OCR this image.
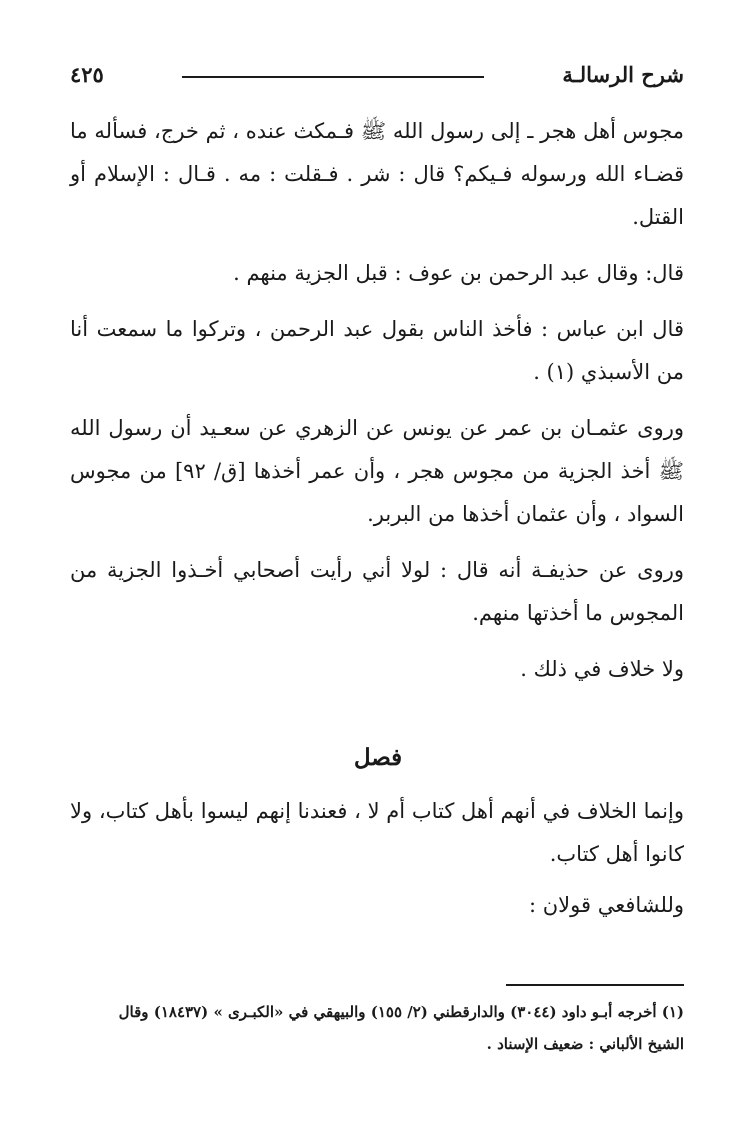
شرح الرسالـة
٤٢٥

مجوس أهل هجر ـ إلى رسول الله ﷺ فـمكث عنده ، ثم خرج، فسأله ما قضـاء الله ورسوله فـيكم؟ قال : شر . فـقلت : مه . قـال : الإسلام أو القتل.

قال: وقال عبد الرحمن بن عوف : قبل الجزية منهم .

قال ابن عباس : فأخذ الناس بقول عبد الرحمن ، وتركوا ما سمعت أنا من الأسبذي (١) .

وروى عثمـان بن عمر عن يونس عن الزهري عن سعـيد أن رسول الله ﷺ أخذ الجزية من مجوس هجر ، وأن عمر أخذها [ق/ ٩٢] من مجوس السواد ، وأن عثمان أخذها من البربر.

وروى عن حذيفـة أنه قال : لولا أني رأيت أصحابي أخـذوا الجزية من المجوس ما أخذتها منهم.

ولا خلاف في ذلك .

فصل

وإنما الخلاف في أنهم أهل كتاب أم لا ، فعندنا إنهم ليسوا بأهل كتاب، ولا كانوا أهل كتاب.

وللشافعي قولان :

(١) أخرجه أبـو داود (٣٠٤٤) والدارقطني (٢/ ١٥٥) والبيهقي في «الكبـرى » (١٨٤٣٧) وقال

الشيخ الألباني : ضعيف الإسناد .
